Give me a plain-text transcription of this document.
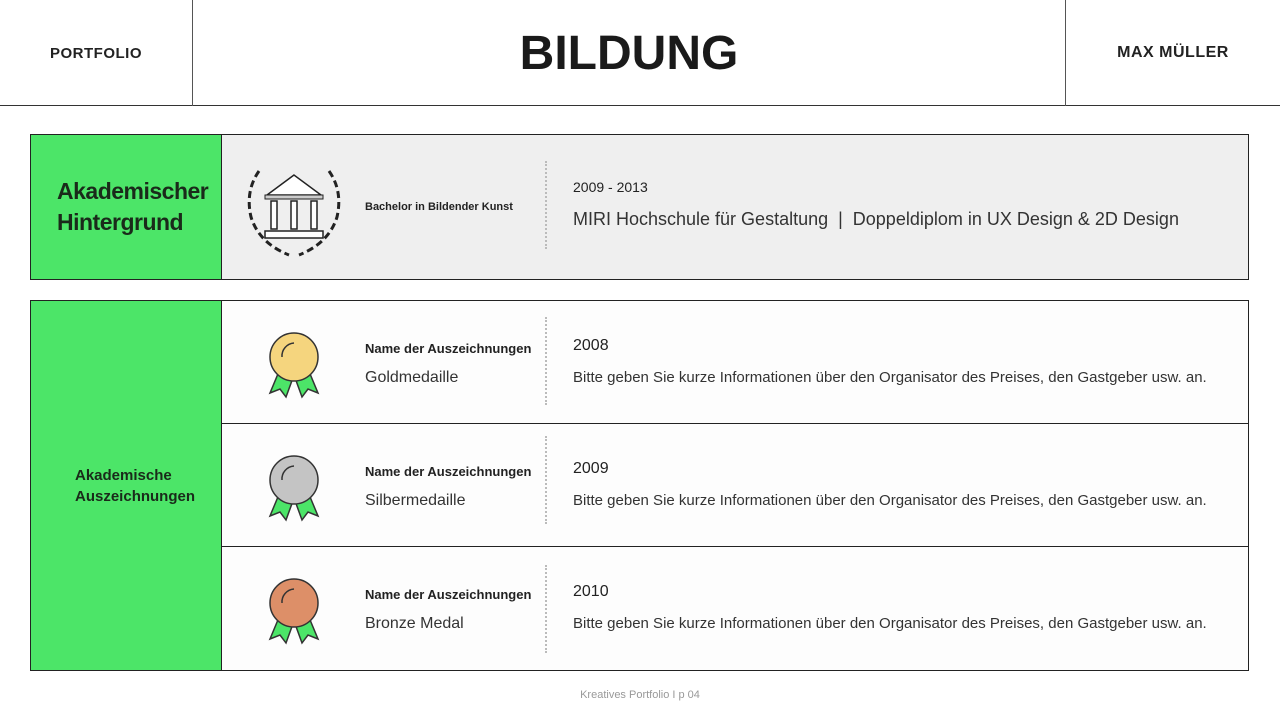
PORTFOLIO	BILDUNG	MAX MÜLLER
Akademischer Hintergrund
Bachelor in Bildender Kunst
2009 - 2013
MIRI Hochschule für Gestaltung  |  Doppeldiplom in UX Design & 2D Design
Akademische Auszeichnungen
Name der Auszeichnungen
Goldmedaille
2008
Bitte geben Sie kurze Informationen über den Organisator des Preises, den Gastgeber usw. an.
Name der Auszeichnungen
Silbermedaille
2009
Bitte geben Sie kurze Informationen über den Organisator des Preises, den Gastgeber usw. an.
Name der Auszeichnungen
Bronze Medal
2010
Bitte geben Sie kurze Informationen über den Organisator des Preises, den Gastgeber usw. an.
Kreatives Portfolio I p 04
